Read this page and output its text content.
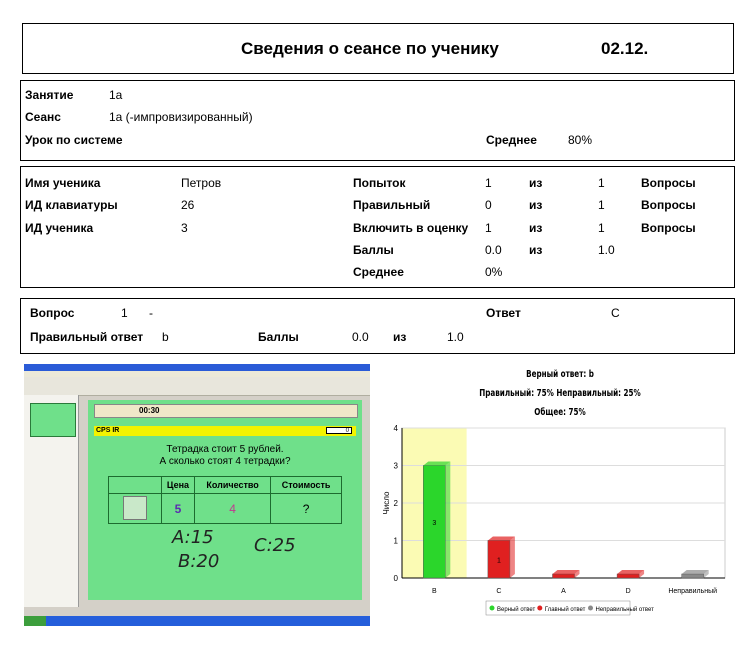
Сведения о сеансе по ученику	02.12.
Занятие	1а
Сеанс	1а (-импровизированный)
Урок по системе	Среднее	80%
Имя ученика	Петров
ИД клавиатуры	26
ИД ученика	3
Попыток	1	из	1	Вопросы
Правильный	0	из	1	Вопросы
Включить в оценку 1	из	1	Вопросы
Баллы	0.0 из	1.0
Среднее	0%
Вопрос	1 -	Ответ	C
Правильный ответ b	Баллы	0.0 из	1.0
00:30
CPS IR	0
Тетрадка стоит 5 рублей.
А сколько стоят 4 тетрадки?
	Цена	Количество	Стоимость
	5	4	?
A:15
B:20
C:25
Верный ответ: b
Правильный: 75% Неправильный: 25%
Общее: 75%
0
1
2
3
4
Число
3
B
1
C	A	D	Неправильный
Верный ответ Главный ответ Неправильный ответ
